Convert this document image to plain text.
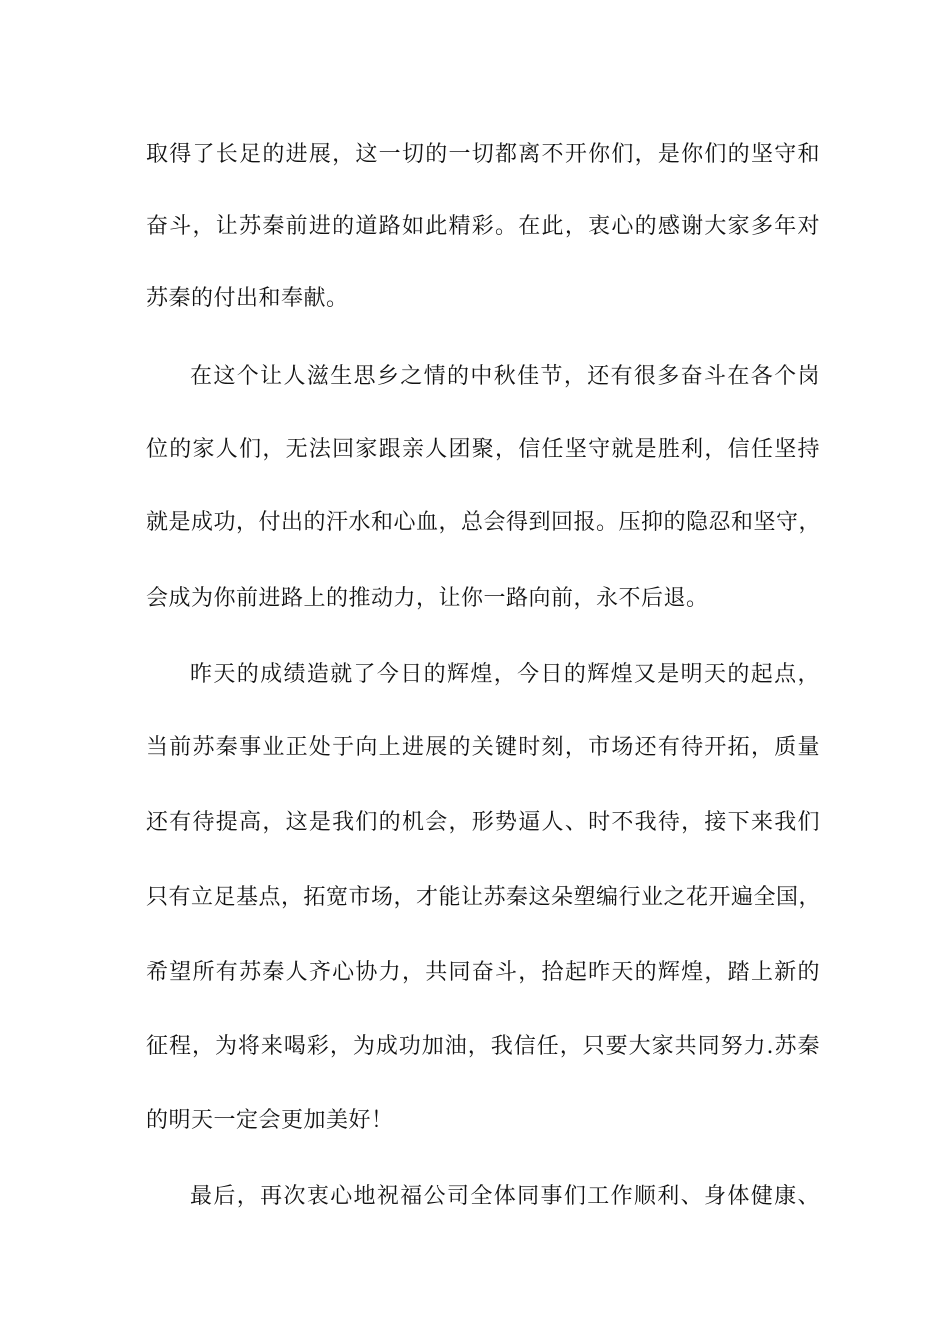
取得了长足的进展，这一切的一切都离不开你们，是你们的坚守和
奋斗，让苏秦前进的道路如此精彩。在此，衷心的感谢大家多年对
苏秦的付出和奉献。
在这个让人滋生思乡之情的中秋佳节，还有很多奋斗在各个岗
位的家人们，无法回家跟亲人团聚，信任坚守就是胜利，信任坚持
就是成功，付出的汗水和心血，总会得到回报。压抑的隐忍和坚守，
会成为你前进路上的推动力，让你一路向前，永不后退。
昨天的成绩造就了今日的辉煌，今日的辉煌又是明天的起点，
当前苏秦事业正处于向上进展的关键时刻，市场还有待开拓，质量
还有待提高，这是我们的机会，形势逼人、时不我待，接下来我们
只有立足基点，拓宽市场，才能让苏秦这朵塑编行业之花开遍全国，
希望所有苏秦人齐心协力，共同奋斗，拾起昨天的辉煌，踏上新的
征程，为将来喝彩，为成功加油，我信任，只要大家共同努力.苏秦
的明天一定会更加美好！
最后，再次衷心地祝福公司全体同事们工作顺利、身体健康、
